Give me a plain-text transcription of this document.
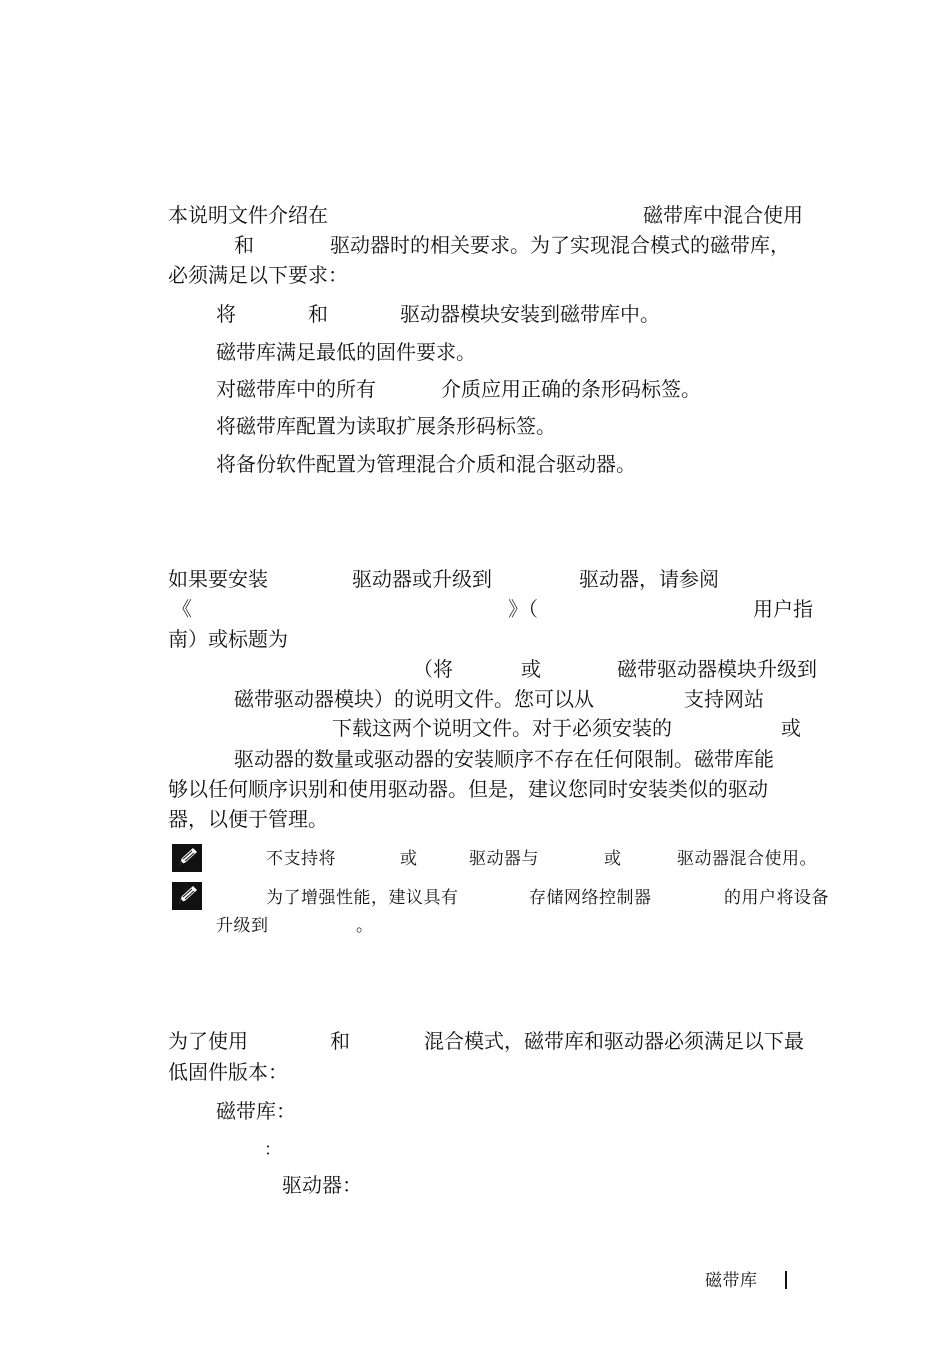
本说明文件介绍在	磁带库中混合使用
和	驱动器时的相关要求。为了实现混合模式的磁带库，
必须满足以下要求：
将	和	驱动器模块安装到磁带库中。
磁带库满足最低的固件要求。
对磁带库中的所有	介质应用正确的条形码标签。
将磁带库配置为读取扩展条形码标签。
将备份软件配置为管理混合介质和混合驱动器。
如果要安装	驱动器或升级到	驱动器，请参阅
《	》（	用户指
南）或标题为
（将	或	磁带驱动器模块升级到
磁带驱动器模块）的说明文件。您可以从	支持网站
下载这两个说明文件。对于必须安装的	或
驱动器的数量或驱动器的安装顺序不存在任何限制。磁带库能
够以任何顺序识别和使用驱动器。但是，建议您同时安装类似的驱动
器，以便于管理。
不支持将	或	驱动器与	或	驱动器混合使用。
为了增强性能，建议具有	存储网络控制器	的用户将设备
升级到	。
为了使用	和	混合模式，磁带库和驱动器必须满足以下最
低固件版本：
磁带库：
：
驱动器：
磁带库
